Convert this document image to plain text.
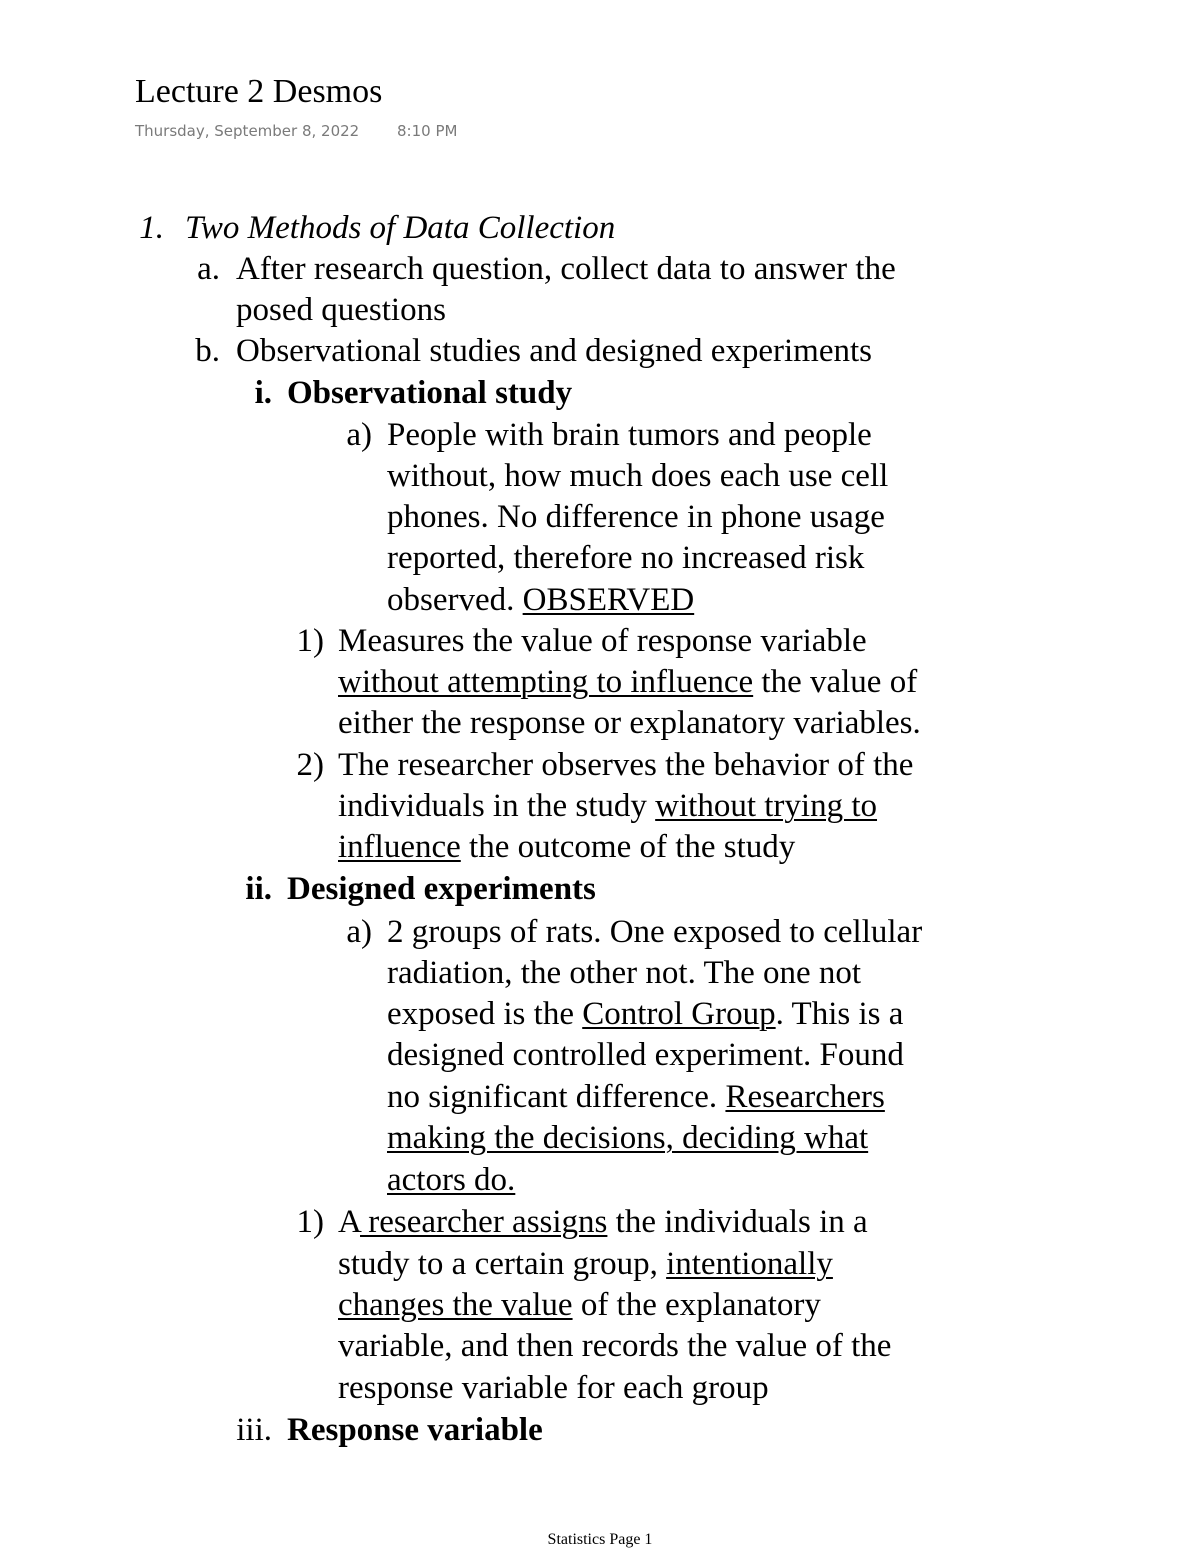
Lecture 2 Desmos
Thursday, September 8, 2022	8:10 PM
1. Two Methods of Data Collection
a. After research question, collect data to answer the
posed questions
b. Observational studies and designed experiments
i. Observational study
a) People with brain tumors and people
without, how much does each use cell
phones. No difference in phone usage
reported, therefore no increased risk
observed. OBSERVED
1) Measures the value of response variable
without attempting to influence the value of
either the response or explanatory variables.
2) The researcher observes the behavior of the
individuals in the study without trying to
influence the outcome of the study
ii. Designed experiments
a) 2 groups of rats. One exposed to cellular
radiation, the other not. The one not
exposed is the Control Group. This is a
designed controlled experiment. Found
no significant difference. Researchers
making the decisions, deciding what
actors do.
1) A researcher assigns the individuals in a
study to a certain group, intentionally
changes the value of the explanatory
variable, and then records the value of the
response variable for each group
iii. Response variable
Statistics Page 1
